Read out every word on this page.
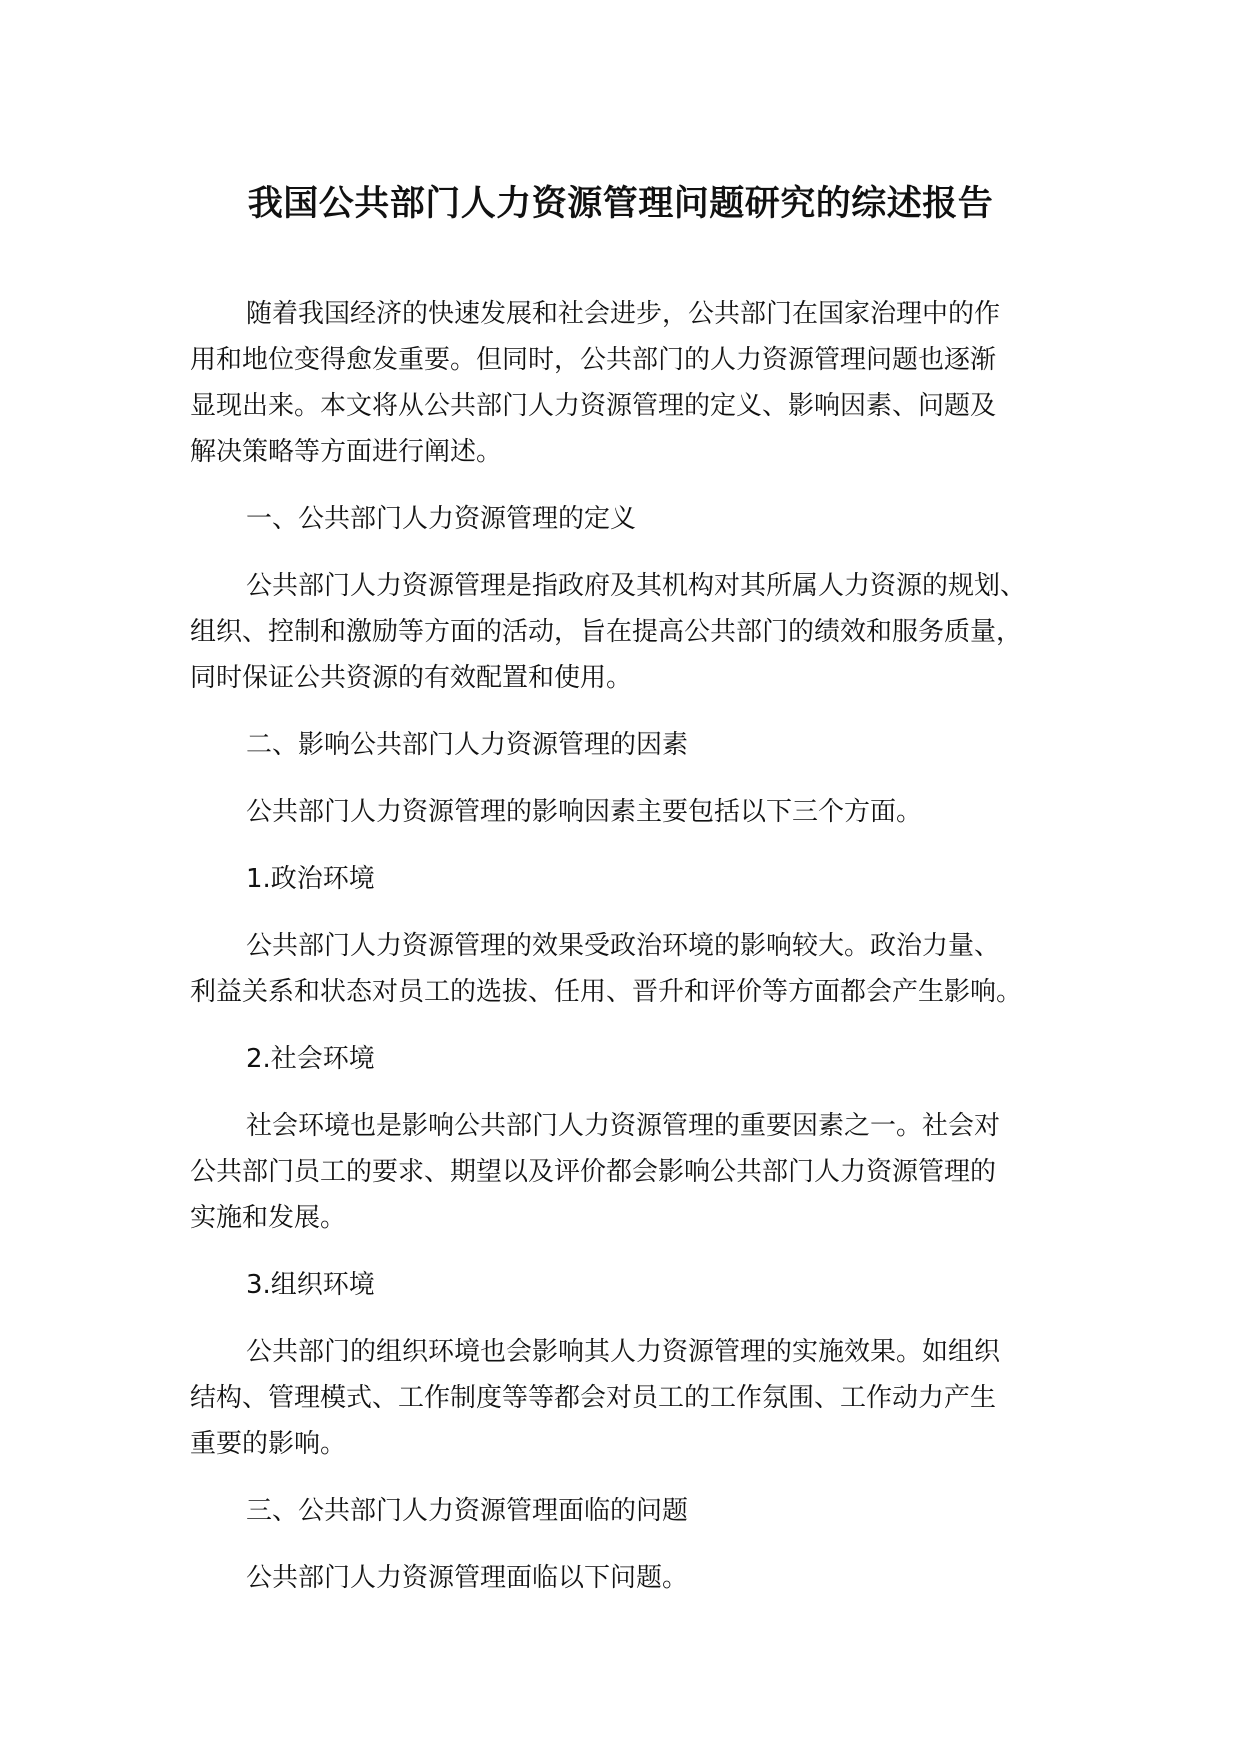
我国公共部门人力资源管理问题研究的综述报告
随着我国经济的快速发展和社会进步，公共部门在国家治理中的作
用和地位变得愈发重要。但同时，公共部门的人力资源管理问题也逐渐
显现出来。本文将从公共部门人力资源管理的定义、影响因素、问题及
解决策略等方面进行阐述。
一、公共部门人力资源管理的定义
公共部门人力资源管理是指政府及其机构对其所属人力资源的规划、
组织、控制和激励等方面的活动，旨在提高公共部门的绩效和服务质量，
同时保证公共资源的有效配置和使用。
二、影响公共部门人力资源管理的因素
公共部门人力资源管理的影响因素主要包括以下三个方面。
1.政治环境
公共部门人力资源管理的效果受政治环境的影响较大。政治力量、
利益关系和状态对员工的选拔、任用、晋升和评价等方面都会产生影响。
2.社会环境
社会环境也是影响公共部门人力资源管理的重要因素之一。社会对
公共部门员工的要求、期望以及评价都会影响公共部门人力资源管理的
实施和发展。
3.组织环境
公共部门的组织环境也会影响其人力资源管理的实施效果。如组织
结构、管理模式、工作制度等等都会对员工的工作氛围、工作动力产生
重要的影响。
三、公共部门人力资源管理面临的问题
公共部门人力资源管理面临以下问题。
